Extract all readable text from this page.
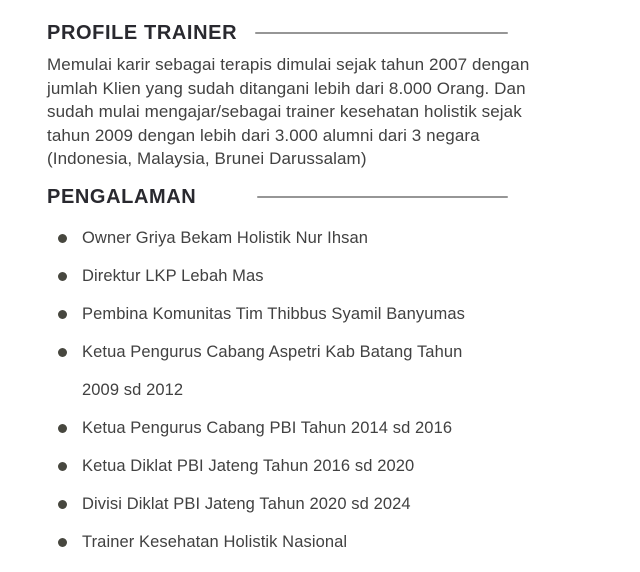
PROFILE TRAINER
Memulai karir sebagai terapis dimulai sejak tahun 2007 dengan
jumlah Klien yang sudah ditangani lebih dari 8.000 Orang. Dan
sudah mulai mengajar/sebagai trainer kesehatan holistik sejak
tahun 2009 dengan lebih dari 3.000 alumni dari 3 negara
(Indonesia, Malaysia, Brunei Darussalam)
PENGALAMAN
Owner Griya Bekam Holistik Nur Ihsan
Direktur LKP Lebah Mas
Pembina Komunitas Tim Thibbus Syamil Banyumas
Ketua Pengurus Cabang Aspetri Kab Batang Tahun
2009 sd 2012
Ketua Pengurus Cabang PBI Tahun 2014 sd 2016
Ketua Diklat PBI Jateng Tahun 2016 sd 2020
Divisi Diklat PBI Jateng Tahun 2020 sd 2024
Trainer Kesehatan Holistik Nasional
